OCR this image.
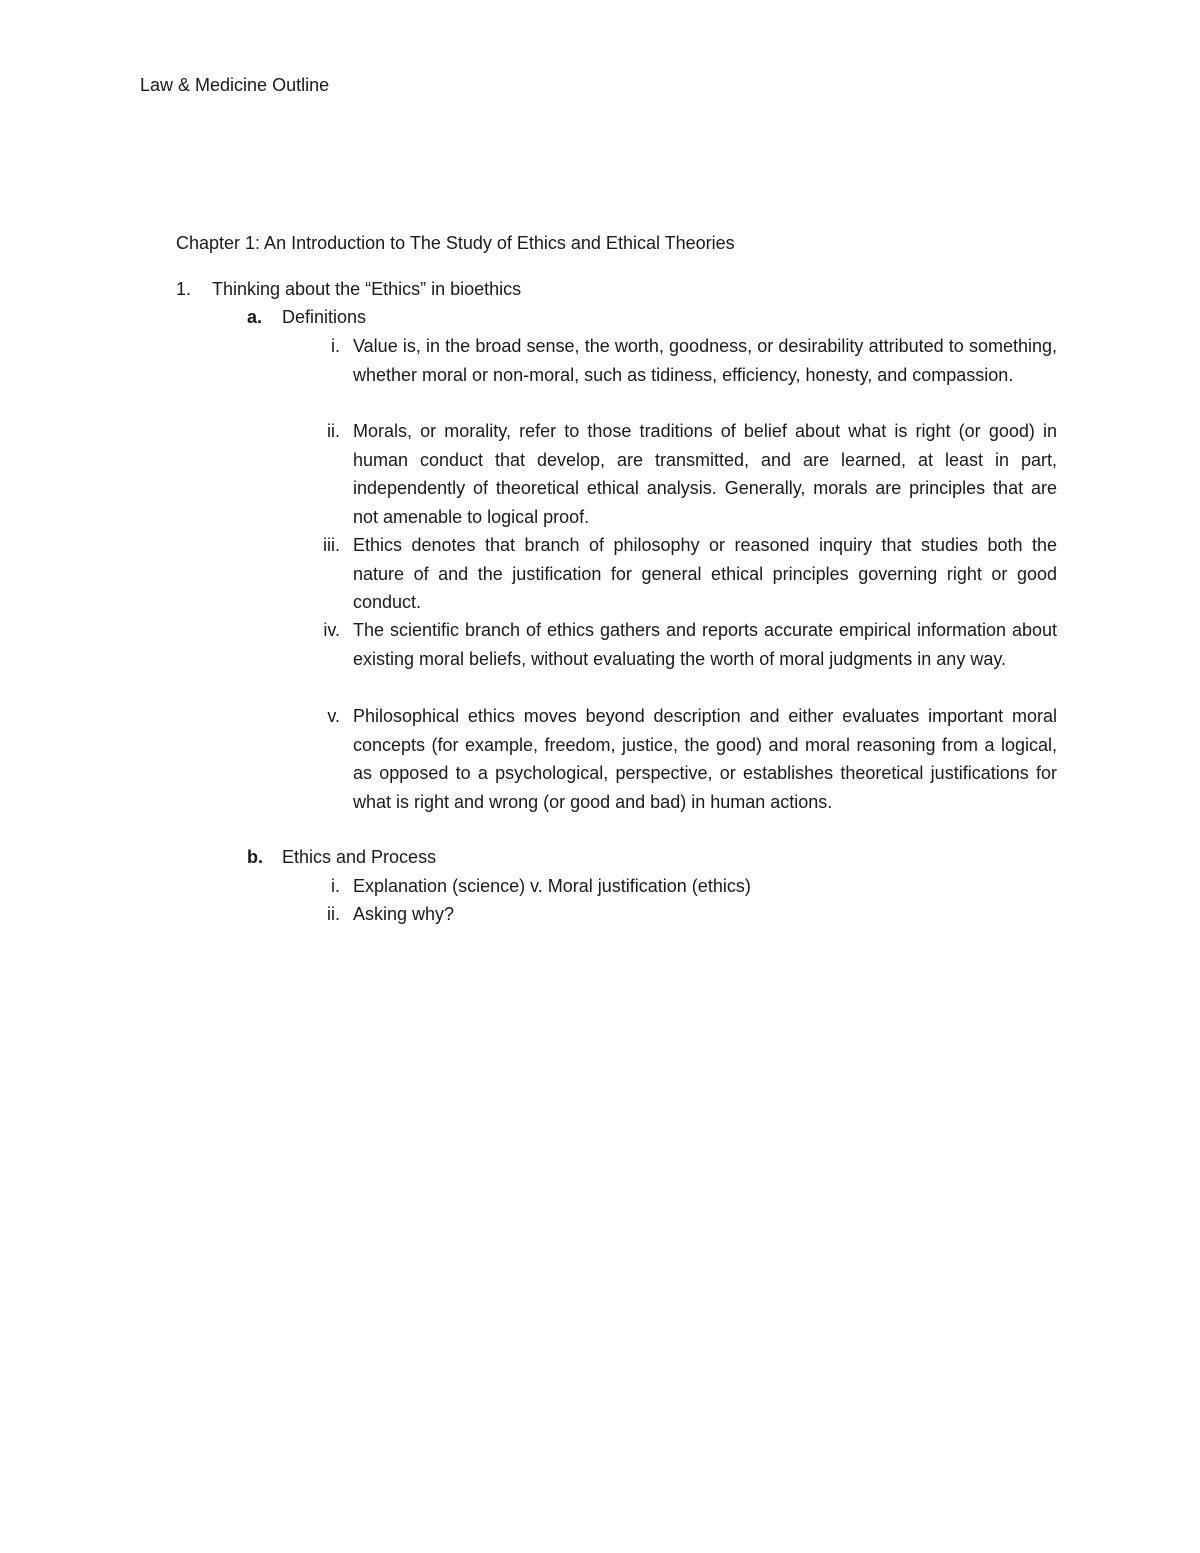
Law & Medicine Outline
Chapter 1: An Introduction to The Study of Ethics and Ethical Theories
1. Thinking about the “Ethics” in bioethics
a. Definitions
i. Value is, in the broad sense, the worth, goodness, or desirability attributed to something, whether moral or non-moral, such as tidiness, efficiency, honesty, and compassion.
ii. Morals, or morality, refer to those traditions of belief about what is right (or good) in human conduct that develop, are transmitted, and are learned, at least in part, independently of theoretical ethical analysis. Generally, morals are principles that are not amenable to logical proof.
iii. Ethics denotes that branch of philosophy or reasoned inquiry that studies both the nature of and the justification for general ethical principles governing right or good conduct.
iv. The scientific branch of ethics gathers and reports accurate empirical information about existing moral beliefs, without evaluating the worth of moral judgments in any way.
v. Philosophical ethics moves beyond description and either evaluates important moral concepts (for example, freedom, justice, the good) and moral reasoning from a logical, as opposed to a psychological, perspective, or establishes theoretical justifications for what is right and wrong (or good and bad) in human actions.
b. Ethics and Process
i. Explanation (science) v. Moral justification (ethics)
ii. Asking why?
